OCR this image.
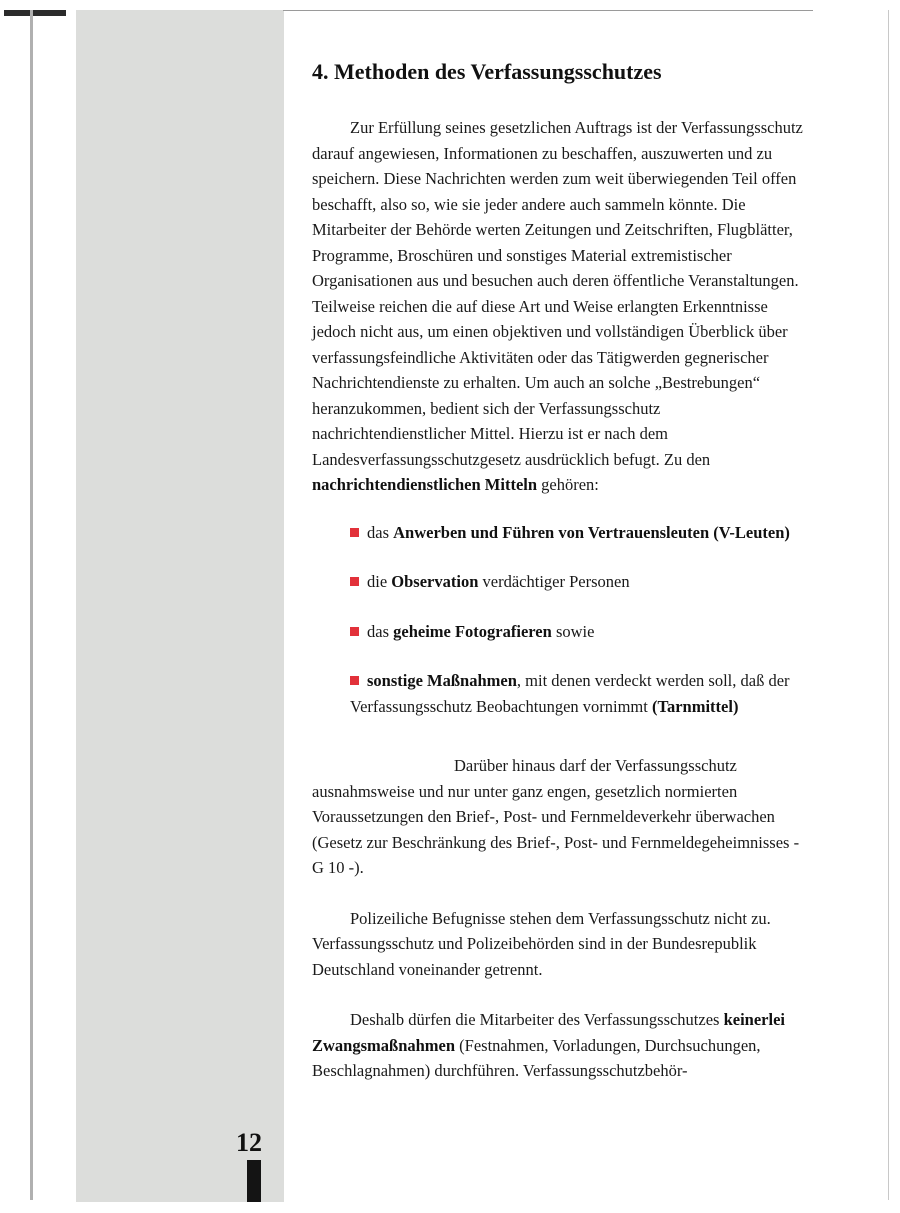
4. Methoden des Verfassungsschutzes

Zur Erfüllung seines gesetzlichen Auftrags ist der Verfassungsschutz darauf angewiesen, Informationen zu beschaffen, auszuwerten und zu speichern. Diese Nachrichten werden zum weit überwiegenden Teil offen beschafft, also so, wie sie jeder andere auch sammeln könnte. Die Mitarbeiter der Behörde werten Zeitungen und Zeitschriften, Flugblätter, Programme, Broschüren und sonstiges Material extremistischer Organisationen aus und besuchen auch deren öffentliche Veranstaltungen. Teilweise reichen die auf diese Art und Weise erlangten Erkenntnisse jedoch nicht aus, um einen objektiven und vollständigen Überblick über verfassungsfeindliche Aktivitäten oder das Tätigwerden gegnerischer Nachrichtendienste zu erhalten. Um auch an solche „Bestrebungen“ heranzukommen, bedient sich der Verfassungsschutz nachrichtendienstlicher Mittel. Hierzu ist er nach dem Landesverfassungsschutzgesetz ausdrücklich befugt. Zu den nachrichtendienstlichen Mitteln gehören:

das Anwerben und Führen von Vertrauensleuten (V-Leuten)
die Observation verdächtiger Personen
das geheime Fotografieren sowie
sonstige Maßnahmen, mit denen verdeckt werden soll, daß der Verfassungsschutz Beobachtungen vornimmt (Tarnmittel)

Darüber hinaus darf der Verfassungsschutz ausnahmsweise und nur unter ganz engen, gesetzlich normierten Voraussetzungen den Brief-, Post- und Fernmeldeverkehr überwachen (Gesetz zur Beschränkung des Brief-, Post- und Fernmeldegeheimnisses - G 10 -).

Polizeiliche Befugnisse stehen dem Verfassungsschutz nicht zu. Verfassungsschutz und Polizeibehörden sind in der Bundesrepublik Deutschland voneinander getrennt.

Deshalb dürfen die Mitarbeiter des Verfassungsschutzes keinerlei Zwangsmaßnahmen (Festnahmen, Vorladungen, Durchsuchungen, Beschlagnahmen) durchführen. Verfassungsschutzbehör-

12
